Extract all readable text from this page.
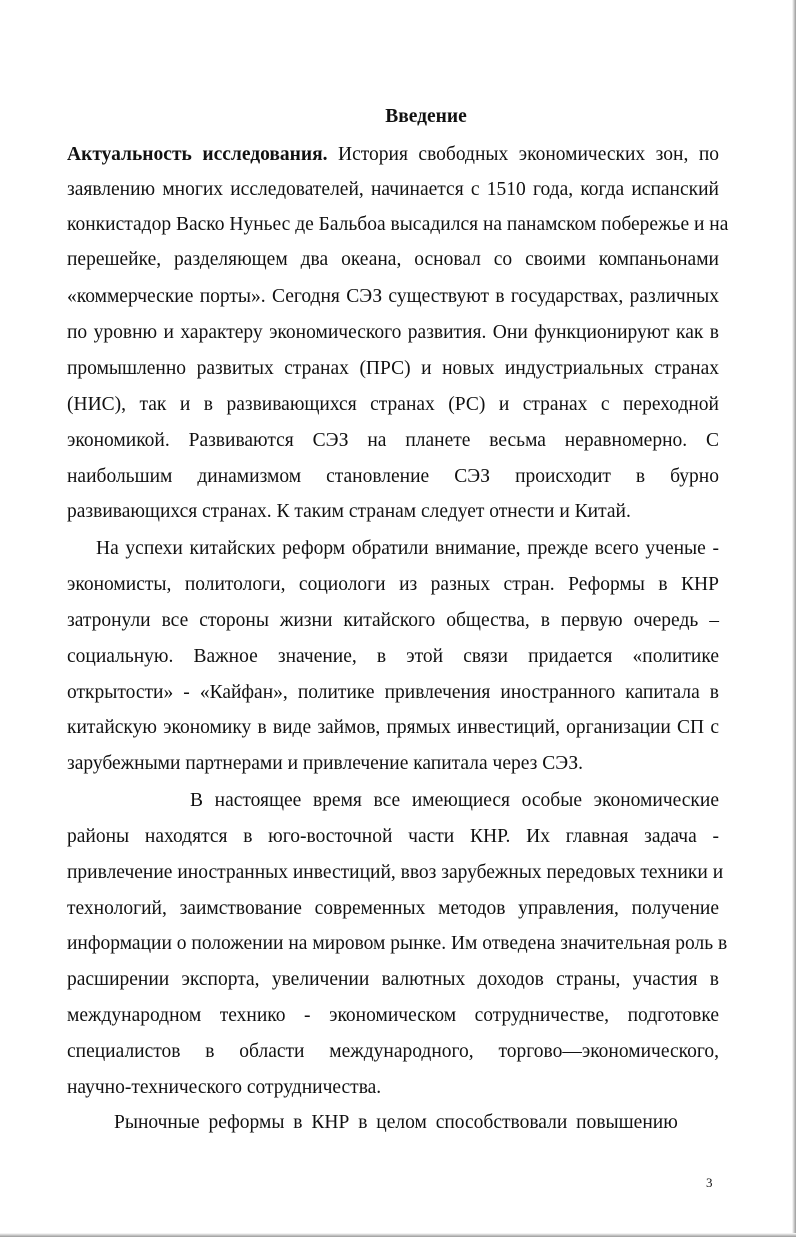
Введение
Актуальность исследования. История свободных экономических зон, по
заявлению многих исследователей, начинается с 1510 года, когда испанский
конкистадор Васко Нуньес де Бальбоа высадился на панамском побережье и на
перешейке, разделяющем два океана, основал со своими компаньонами
«коммерческие порты». Сегодня СЭЗ существуют в государствах, различных
по уровню и характеру экономического развития. Они функционируют как в
промышленно развитых странах (ПРС) и новых индустриальных странах
(НИС), так и в развивающихся странах (РС) и странах с переходной
экономикой. Развиваются СЭЗ на планете весьма неравномерно. С
наибольшим динамизмом становление СЭЗ происходит в бурно
развивающихся странах. К таким странам следует отнести и Китай.
На успехи китайских реформ обратили внимание, прежде всего ученые -
экономисты, политологи, социологи из разных стран. Реформы в КНР
затронули все стороны жизни китайского общества, в первую очередь –
социальную. Важное значение, в этой связи придается «политике
открытости» - «Кайфан», политике привлечения иностранного капитала в
китайскую экономику в виде займов, прямых инвестиций, организации СП с
зарубежными партнерами и привлечение капитала через СЭЗ.
В настоящее время все имеющиеся особые экономические
районы находятся в юго-восточной части КНР. Их главная задача -
привлечение иностранных инвестиций, ввоз зарубежных передовых техники и
технологий, заимствование современных методов управления, получение
информации о положении на мировом рынке. Им отведена значительная роль в
расширении экспорта, увеличении валютных доходов страны, участия в
международном технико - экономическом сотрудничестве, подготовке
специалистов в области международного, торгово—экономического,
научно-технического сотрудничества.
Рыночные реформы в КНР в целом способствовали повышению
3
